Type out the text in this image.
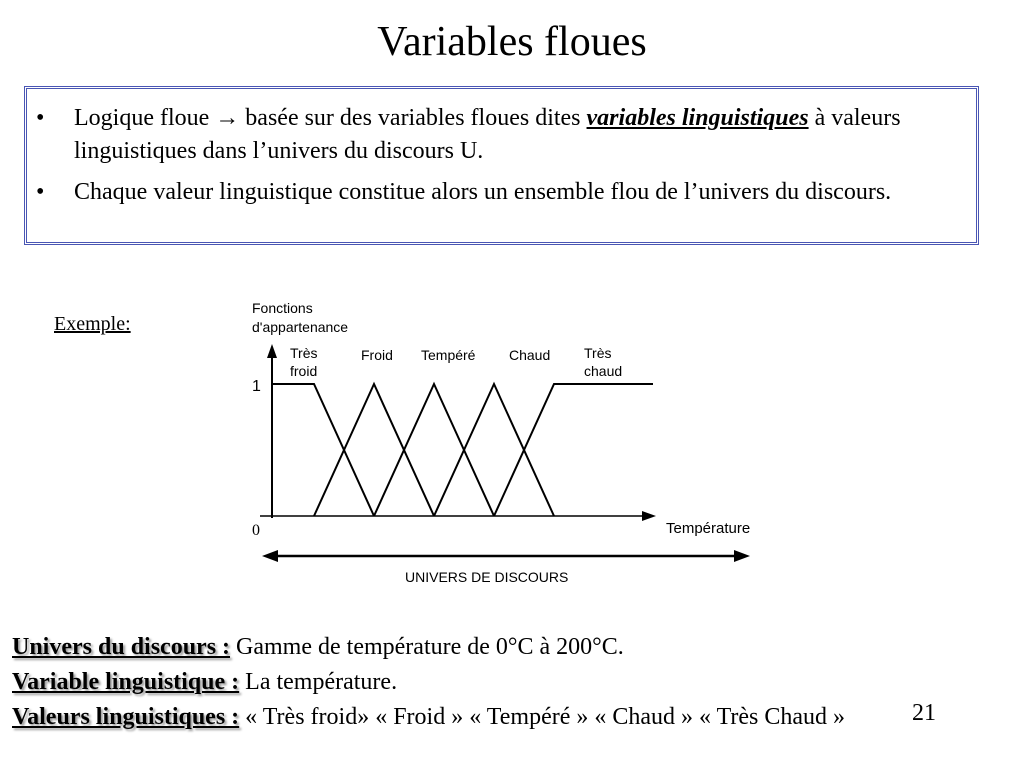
Variables floues
• Logique floue → basée sur des variables floues dites variables linguistiques à valeurs linguistiques dans l’univers du discours U.
• Chaque valeur linguistique constitue alors un ensemble flou de l’univers du discours.
Exemple:
Fonctions
d'appartenance
1
0	Température
Très
froid
Froid Tempéré Chaud Très
chaud
UNIVERS DE DISCOURS
Univers du discours : Gamme de température de 0°C à 200°C.
Variable linguistique : La température.
Valeurs linguistiques : « Très froid» « Froid » « Tempéré » « Chaud » « Très Chaud »	21
